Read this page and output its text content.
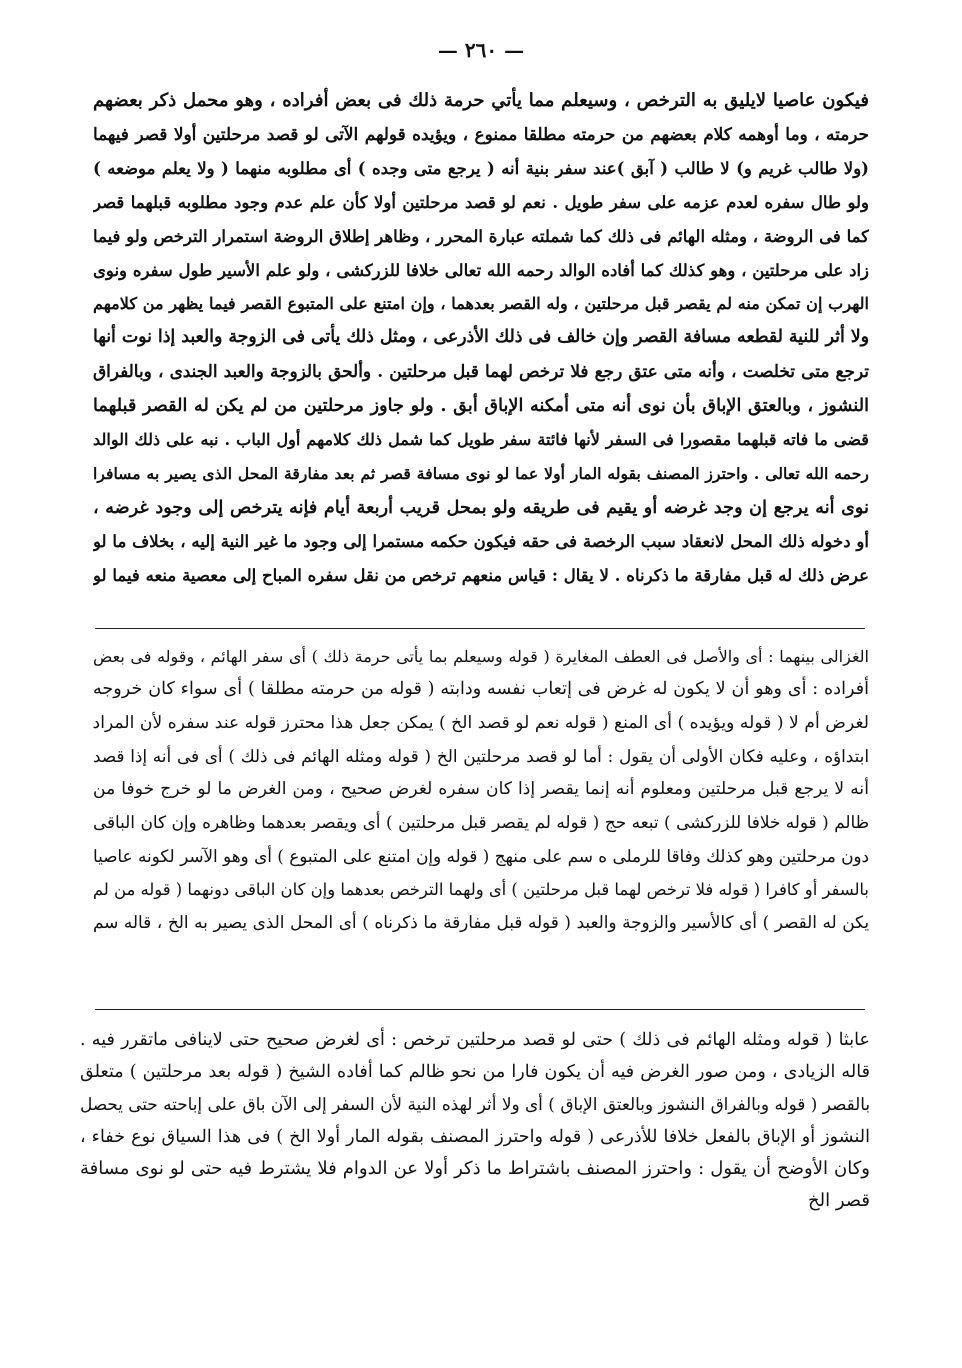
— ٢٦٠ —
فيكون عاصيا لايليق به الترخص ، وسيعلم مما يأتي حرمة ذلك فى بعض أفراده ، وهو محمل ذكر بعضهم
حرمته ، وما أوهمه كلام بعضهم من حرمته مطلقا ممنوع ، ويؤيده قولهم الآتى لو قصد مرحلتين أولا قصر فيهما
(ولا طالب غريم و) لا طالب ( آبق )عند سفر بنية أنه ( يرجع متى وجده ) أى مطلوبه منهما ( ولا يعلم موضعه )
ولو طال سفره لعدم عزمه على سفر طويل . نعم لو قصد مرحلتين أولا كأن علم عدم وجود مطلوبه قبلهما قصر
كما فى الروضة ، ومثله الهائم فى ذلك كما شملته عبارة المحرر ، وظاهر إطلاق الروضة استمرار الترخص ولو فيما
زاد على مرحلتين ، وهو كذلك كما أفاده الوالد رحمه الله تعالى خلافا للزركشى ، ولو علم الأسير طول سفره ونوى
الهرب إن تمكن منه لم يقصر قبل مرحلتين ، وله القصر بعدهما ، وإن امتنع على المتبوع القصر فيما يظهر من كلامهم
ولا أثر للنية لقطعه مسافة القصر وإن خالف فى ذلك الأذرعى ، ومثل ذلك يأتى فى الزوجة والعبد إذا نوت أنها
ترجع متى تخلصت ، وأنه متى عتق رجع فلا ترخص لهما قبل مرحلتين . وألحق بالزوجة والعبد الجندى ، وبالفراق
النشوز ، وبالعتق الإباق بأن نوى أنه متى أمكنه الإباق أبق . ولو جاوز مرحلتين من لم يكن له القصر قبلهما
قضى ما فاته قبلهما مقصورا فى السفر لأنها فائتة سفر طويل كما شمل ذلك كلامهم أول الباب . نبه على ذلك الوالد
رحمه الله تعالى . واحترز المصنف بقوله المار أولا عما لو نوى مسافة قصر ثم بعد مفارقة المحل الذى يصير به مسافرا
نوى أنه يرجع إن وجد غرضه أو يقيم فى طريقه ولو بمحل قريب أربعة أيام فإنه يترخص إلى وجود غرضه ،
أو دخوله ذلك المحل لانعقاد سبب الرخصة فى حقه فيكون حكمه مستمرا إلى وجود ما غير النية إليه ، بخلاف ما لو
عرض ذلك له قبل مفارقة ما ذكرناه . لا يقال : قياس منعهم ترخص من نقل سفره المباح إلى معصية منعه فيما لو
الغزالى بينهما : أى والأصل فى العطف المغايرة ( قوله وسيعلم بما يأتى حرمة ذلك ) أى سفر الهائم ، وقوله فى بعض
أفراده : أى وهو أن لا يكون له غرض فى إتعاب نفسه ودابته ( قوله من حرمته مطلقا ) أى سواء كان خروجه
لغرض أم لا ( قوله ويؤيده ) أى المنع ( قوله نعم لو قصد الخ ) يمكن جعل هذا محترز قوله عند سفره لأن المراد
ابتداؤه ، وعليه فكان الأولى أن يقول : أما لو قصد مرحلتين الخ ( قوله ومثله الهائم فى ذلك ) أى فى أنه إذا قصد
أنه لا يرجع قبل مرحلتين ومعلوم أنه إنما يقصر إذا كان سفره لغرض صحيح ، ومن الغرض ما لو خرج خوفا من
ظالم ( قوله خلافا للزركشى ) تبعه حج ( قوله لم يقصر قبل مرحلتين ) أى ويقصر بعدهما وظاهره وإن كان الباقى
دون مرحلتين وهو كذلك وفاقا للرملى ه سم على منهج ( قوله وإن امتنع على المتبوع ) أى وهو الآسر لكونه عاصيا
بالسفر أو كافرا ( قوله فلا ترخص لهما قبل مرحلتين ) أى ولهما الترخص بعدهما وإن كان الباقى دونهما ( قوله من لم
يكن له القصر ) أى كالأسير والزوجة والعبد ( قوله قبل مفارقة ما ذكرناه ) أى المحل الذى يصير به الخ ، قاله سم
عابثا ( قوله ومثله الهائم فى ذلك ) حتى لو قصد مرحلتين ترخص : أى لغرض صحيح حتى لاينافى ماتقرر فيه .
قاله الزيادى ، ومن صور الغرض فيه أن يكون فارا من نحو ظالم كما أفاده الشيخ ( قوله بعد مرحلتين ) متعلق
بالقصر ( قوله وبالفراق النشوز وبالعتق الإباق ) أى ولا أثر لهذه النية لأن السفر إلى الآن باق على إباحته حتى يحصل
النشوز أو الإباق بالفعل خلافا للأذرعى ( قوله واحترز المصنف بقوله المار أولا الخ ) فى هذا السياق نوع خفاء ،
وكان الأوضح أن يقول : واحترز المصنف باشتراط ما ذكر أولا عن الدوام فلا يشترط فيه حتى لو نوى مسافة
قصر الخ
